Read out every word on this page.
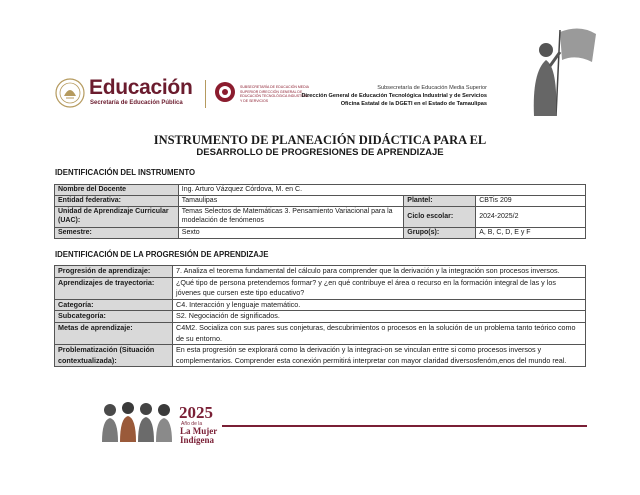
Educación
Secretaría de Educación Pública
SUBSECRETARÍA DE EDUCACIÓN MEDIA SUPERIOR DIRECCIÓN GENERAL DE EDUCACIÓN TECNOLÓGICA INDUSTRIAL Y DE SERVICIOS
Subsecretaría de Educación Media Superior
Dirección General de Educación Tecnológica Industrial y de Servicios
Oficina Estatal de la DGETI en el Estado de Tamaulipas
INSTRUMENTO DE PLANEACIÓN DIDÁCTICA PARA EL
DESARROLLO DE PROGRESIONES DE APRENDIZAJE
IDENTIFICACIÓN DEL INSTRUMENTO
Nombre del Docente	Ing. Arturo Vázquez Córdova, M. en C.		
Entidad federativa:	Tamaulipas	Plantel:	CBTis 209
Unidad de Aprendizaje Curricular (UAC):	Temas Selectos de Matemáticas 3. Pensamiento Variacional para la modelación de fenómenos	Ciclo escolar:	2024-2025/2
Semestre:	Sexto	Grupo(s):	A, B, C, D, E y F
IDENTIFICACIÓN DE LA PROGRESIÓN DE APRENDIZAJE
Progresión de aprendizaje:	7. Analiza el teorema fundamental del cálculo para comprender que la derivación y la integración son procesos inversos.
Aprendizajes de trayectoria:	¿Qué tipo de persona pretendemos formar? y ¿en qué contribuye el área o recurso en la formación integral de las y los jóvenes que cursen este tipo educativo?
Categoría:	C4. Interacción y lenguaje matemático.
Subcategoría:	S2. Negociación de significados.
Metas de aprendizaje:	C4M2. Socializa con sus pares sus conjeturas, descubrimientos o procesos en la solución de un problema tanto teórico como de su entorno.
Problematización (Situación contextualizada):	En esta progresión se explorará como la derivación y la integraci-on se vinculan entre si como procesos inversos y complementarios. Comprender esta conexión permitirá interpretar con mayor claridad diversosfenóm,enos del mundo real.
2025
Año de la
La Mujer
Indígena
